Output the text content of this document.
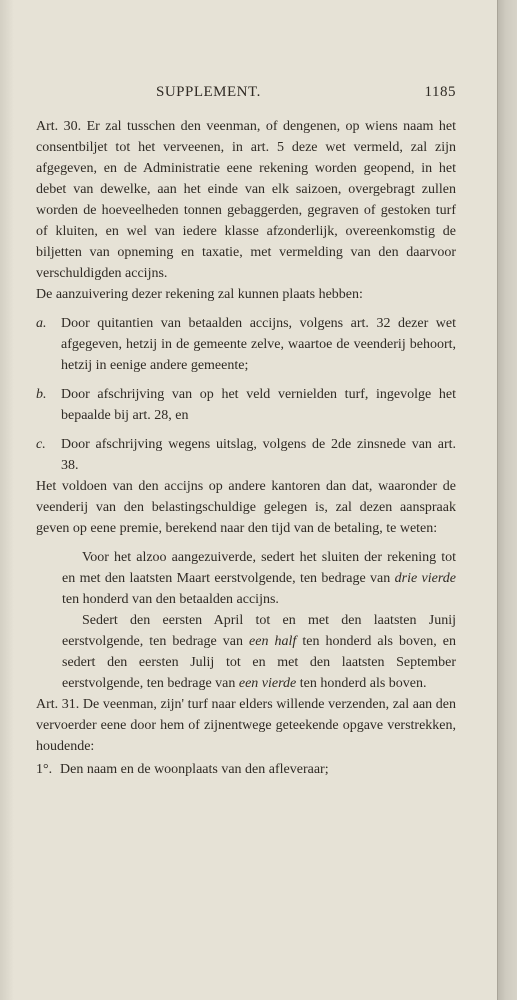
SUPPLEMENT.	1185

Art. 30. Er zal tusschen den veenman, of dengenen, op wiens naam het consentbiljet tot het verveenen, in art. 5 deze wet vermeld, zal zijn afgegeven, en de Administratie eene rekening worden geopend, in het debet van dewelke, aan het einde van elk saizoen, overgebragt zullen worden de hoeveelheden tonnen gebaggerden, gegraven of gestoken turf of kluiten, en wel van iedere klasse afzonderlijk, overeenkomstig de biljetten van opneming en taxatie, met vermelding van den daarvoor verschuldigden accijns.

De aanzuivering dezer rekening zal kunnen plaats hebben:

a. Door quitantien van betaalden accijns, volgens art. 32 dezer wet afgegeven, hetzij in de gemeente zelve, waartoe de veenderij behoort, hetzij in eenige andere gemeente;

b. Door afschrijving van op het veld vernielden turf, ingevolge het bepaalde bij art. 28, en

c. Door afschrijving wegens uitslag, volgens de 2de zinsnede van art. 38.

Het voldoen van den accijns op andere kantoren dan dat, waaronder de veenderij van den belastingschuldige gelegen is, zal dezen aanspraak geven op eene premie, berekend naar den tijd van de betaling, te weten:

Voor het alzoo aangezuiverde, sedert het sluiten der rekening tot en met den laatsten Maart eerstvolgende, ten bedrage van drie vierde ten honderd van den betaalden accijns.

Sedert den eersten April tot en met den laatsten Junij eerstvolgende, ten bedrage van een half ten honderd als boven, en sedert den eersten Julij tot en met den laatsten September eerstvolgende, ten bedrage van een vierde ten honderd als boven.

Art. 31. De veenman, zijn' turf naar elders willende verzenden, zal aan den vervoerder eene door hem of zijnentwege geteekende opgave verstrekken, houdende:

1°. Den naam en de woonplaats van den afleveraar;
